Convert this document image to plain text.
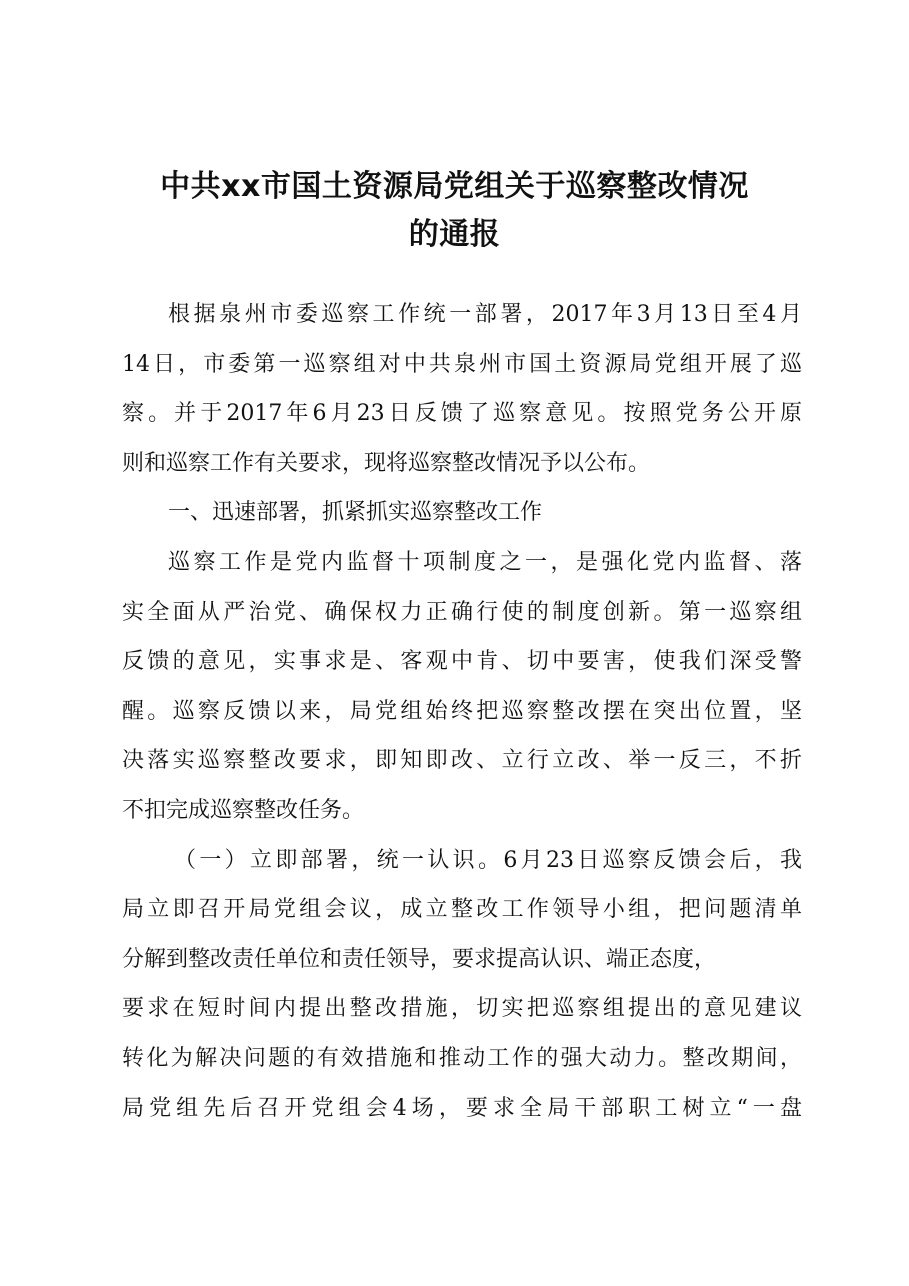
中共xx市国土资源局党组关于巡察整改情况
的通报
根据泉州市委巡察工作统一部署，2017年3月13日至4月
14日，市委第一巡察组对中共泉州市国土资源局党组开展了巡
察。并于2017年6月23日反馈了巡察意见。按照党务公开原
则和巡察工作有关要求，现将巡察整改情况予以公布。
一、迅速部署，抓紧抓实巡察整改工作
巡察工作是党内监督十项制度之一，是强化党内监督、落
实全面从严治党、确保权力正确行使的制度创新。第一巡察组
反馈的意见，实事求是、客观中肯、切中要害，使我们深受警
醒。巡察反馈以来，局党组始终把巡察整改摆在突出位置，坚
决落实巡察整改要求，即知即改、立行立改、举一反三，不折
不扣完成巡察整改任务。
（一）立即部署，统一认识。6月23日巡察反馈会后，我
局立即召开局党组会议，成立整改工作领导小组，把问题清单
分解到整改责任单位和责任领导，要求提高认识、端正态度，
要求在短时间内提出整改措施，切实把巡察组提出的意见建议
转化为解决问题的有效措施和推动工作的强大动力。整改期间，
局党组先后召开党组会4场，要求全局干部职工树立“一盘
